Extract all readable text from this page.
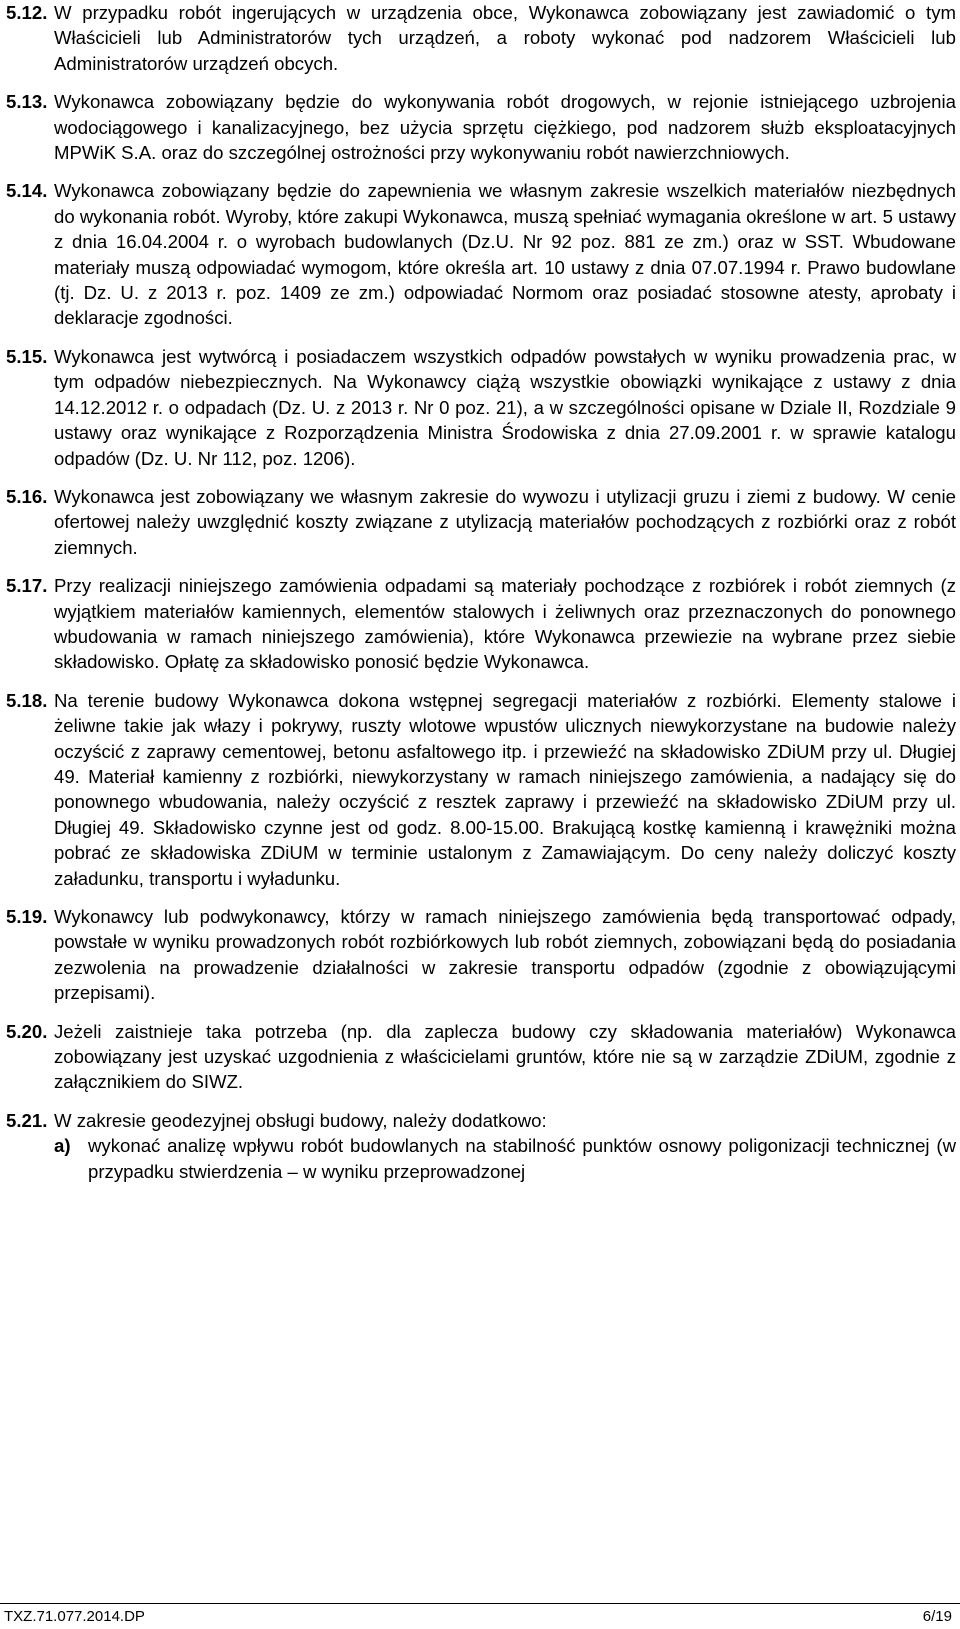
5.12. W przypadku robót ingerujących w urządzenia obce, Wykonawca zobowiązany jest zawiadomić o tym Właścicieli lub Administratorów tych urządzeń, a roboty wykonać pod nadzorem Właścicieli lub Administratorów urządzeń obcych.

5.13. Wykonawca zobowiązany będzie do wykonywania robót drogowych, w rejonie istniejącego uzbrojenia wodociągowego i kanalizacyjnego, bez użycia sprzętu ciężkiego, pod nadzorem służb eksploatacyjnych MPWiK S.A. oraz do szczególnej ostrożności przy wykonywaniu robót nawierzchniowych.

5.14. Wykonawca zobowiązany będzie do zapewnienia we własnym zakresie wszelkich materiałów niezbędnych do wykonania robót. Wyroby, które zakupi Wykonawca, muszą spełniać wymagania określone w art. 5 ustawy z dnia 16.04.2004 r. o wyrobach budowlanych (Dz.U. Nr 92 poz. 881 ze zm.) oraz w SST. Wbudowane materiały muszą odpowiadać wymogom, które określa art. 10 ustawy z dnia 07.07.1994 r. Prawo budowlane (tj. Dz. U. z 2013 r. poz. 1409 ze zm.) odpowiadać Normom oraz posiadać stosowne atesty, aprobaty i deklaracje zgodności.

5.15. Wykonawca jest wytwórcą i posiadaczem wszystkich odpadów powstałych w wyniku prowadzenia prac, w tym odpadów niebezpiecznych. Na Wykonawcy ciążą wszystkie obowiązki wynikające z ustawy z dnia 14.12.2012 r. o odpadach (Dz. U. z 2013 r. Nr 0 poz. 21), a w szczególności opisane w Dziale II, Rozdziale 9 ustawy oraz wynikające z Rozporządzenia Ministra Środowiska z dnia 27.09.2001 r. w sprawie katalogu odpadów (Dz. U. Nr 112, poz. 1206).

5.16. Wykonawca jest zobowiązany we własnym zakresie do wywozu i utylizacji gruzu i ziemi z budowy. W cenie ofertowej należy uwzględnić koszty związane z utylizacją materiałów pochodzących z rozbiórki oraz z robót ziemnych.

5.17. Przy realizacji niniejszego zamówienia odpadami są materiały pochodzące z rozbiórek i robót ziemnych (z wyjątkiem materiałów kamiennych, elementów stalowych i żeliwnych oraz przeznaczonych do ponownego wbudowania w ramach niniejszego zamówienia), które Wykonawca przewiezie na wybrane przez siebie składowisko. Opłatę za składowisko ponosić będzie Wykonawca.

5.18. Na terenie budowy Wykonawca dokona wstępnej segregacji materiałów z rozbiórki. Elementy stalowe i żeliwne takie jak włazy i pokrywy, ruszty wlotowe wpustów ulicznych niewykorzystane na budowie należy oczyścić z zaprawy cementowej, betonu asfaltowego itp. i przewieźć na składowisko ZDiUM przy ul. Długiej 49. Materiał kamienny z rozbiórki, niewykorzystany w ramach niniejszego zamówienia, a nadający się do ponownego wbudowania, należy oczyścić z resztek zaprawy i przewieźć na składowisko ZDiUM przy ul. Długiej 49. Składowisko czynne jest od godz. 8.00-15.00. Brakującą kostkę kamienną i krawężniki można pobrać ze składowiska ZDiUM w terminie ustalonym z Zamawiającym. Do ceny należy doliczyć koszty załadunku, transportu i wyładunku.

5.19. Wykonawcy lub podwykonawcy, którzy w ramach niniejszego zamówienia będą transportować odpady, powstałe w wyniku prowadzonych robót rozbiórkowych lub robót ziemnych, zobowiązani będą do posiadania zezwolenia na prowadzenie działalności w zakresie transportu odpadów (zgodnie z obowiązującymi przepisami).

5.20. Jeżeli zaistnieje taka potrzeba (np. dla zaplecza budowy czy składowania materiałów) Wykonawca zobowiązany jest uzyskać uzgodnienia z właścicielami gruntów, które nie są w zarządzie ZDiUM, zgodnie z załącznikiem do SIWZ.

5.21. W zakresie geodezyjnej obsługi budowy, należy dodatkowo:

a) wykonać analizę wpływu robót budowlanych na stabilność punktów osnowy poligonizacji technicznej (w przypadku stwierdzenia – w wyniku przeprowadzonej

TXZ.71.077.2014.DP	6/19
